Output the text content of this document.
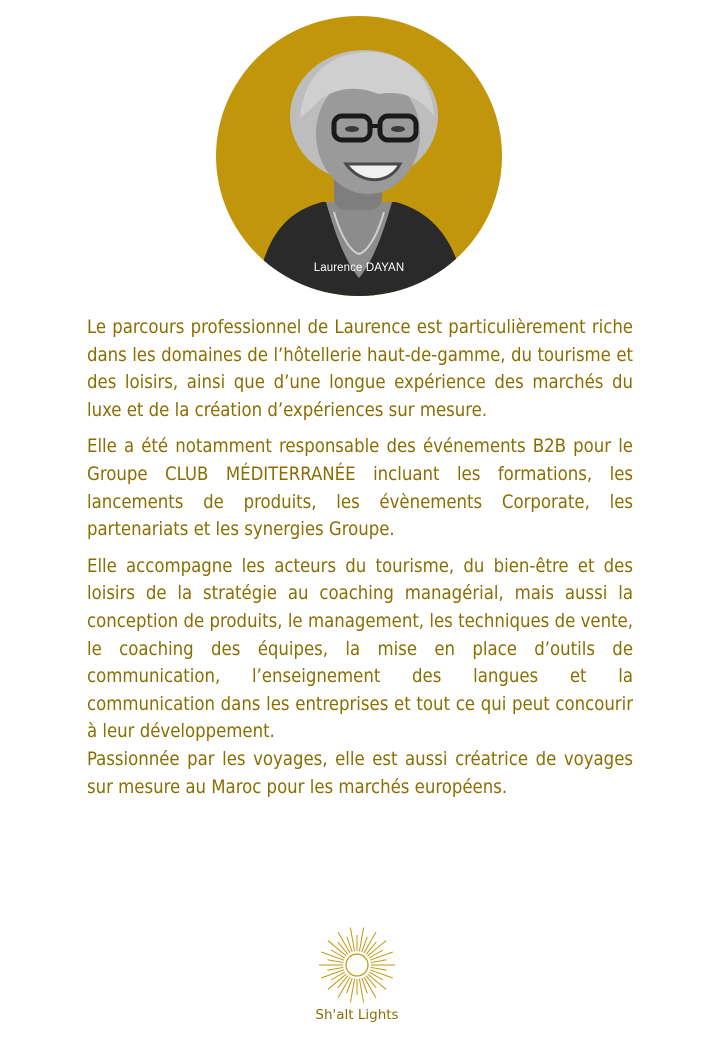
Laurence DAYAN

Le parcours professionnel de Laurence est particulièrement riche dans les domaines de l’hôtellerie haut-de-gamme, du tourisme et des loisirs, ainsi que d’une longue expérience des marchés du luxe et de la création d’expériences sur mesure.

Elle a été notamment responsable des événements B2B pour le Groupe CLUB MÉDITERRANÉE incluant les formations, les lancements de produits, les évènements Corporate, les partenariats et les synergies Groupe.

Elle accompagne les acteurs du tourisme, du bien-être et des loisirs de la stratégie au coaching managérial, mais aussi la conception de produits, le management, les techniques de vente, le coaching des équipes, la mise en place d’outils de communication, l’enseignement des langues et la communication dans les entreprises et tout ce qui peut concourir à leur développement.

Passionnée par les voyages, elle est aussi créatrice de voyages sur mesure au Maroc pour les marchés européens.

Sh'alt Lights
